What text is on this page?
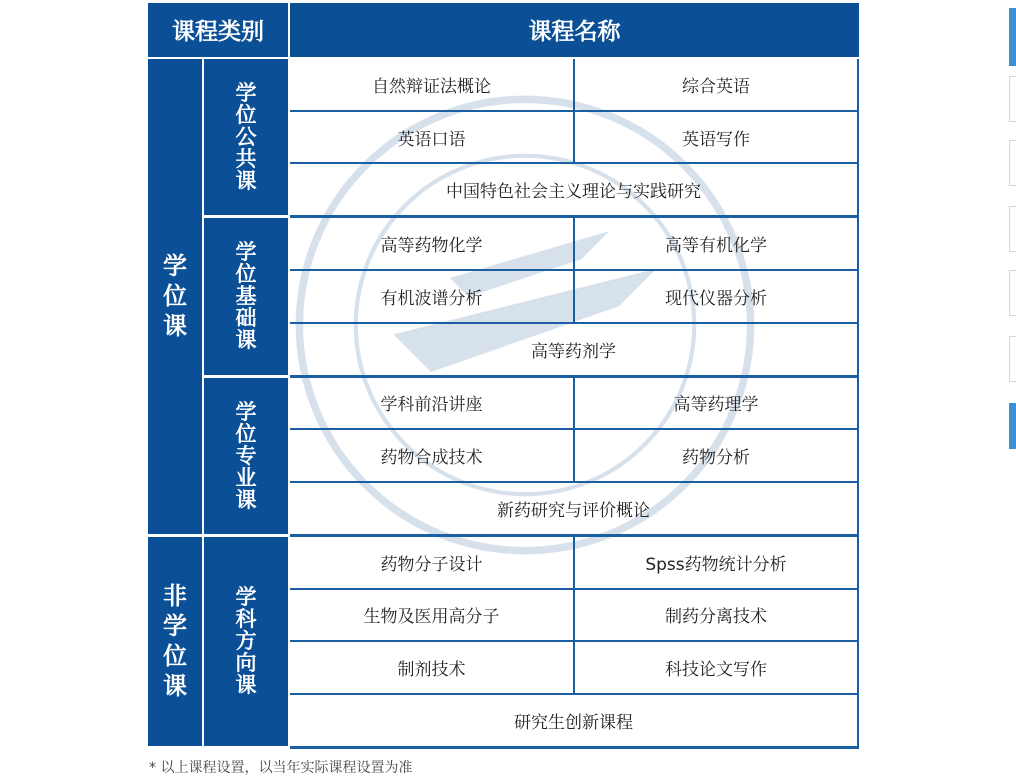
课程类别		课程名称	
学位课	学位公共课	自然辩证法概论	综合英语
		英语口语	英语写作
		中国特色社会主义理论与实践研究	
	学位基础课	高等药物化学	高等有机化学
		有机波谱分析	现代仪器分析
		高等药剂学	
	学位专业课	学科前沿讲座	高等药理学
		药物合成技术	药物分析
		新药研究与评价概论	
非学位课	学科方向课	药物分子设计	Spss药物统计分析
		生物及医用高分子	制药分离技术
		制剂技术	科技论文写作
		研究生创新课程	
* 以上课程设置，以当年实际课程设置为准
